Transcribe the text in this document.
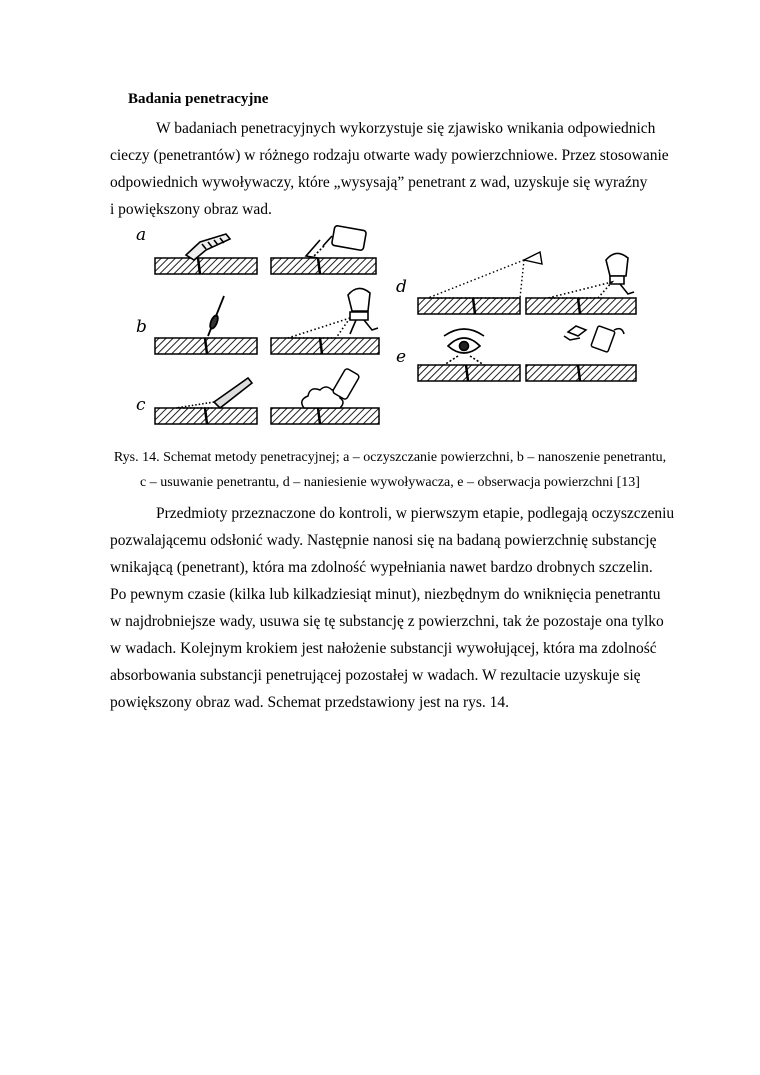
Badania penetracyjne

W badaniach penetracyjnych wykorzystuje się zjawisko wnikania odpowiednich
cieczy (penetrantów) w różnego rodzaju otwarte wady powierzchniowe. Przez stosowanie
odpowiednich wywoływaczy, które „wysysają” penetrant z wad, uzyskuje się wyraźny
i powiększony obraz wad.

a
b
c
d
e
Rys. 14. Schemat metody penetracyjnej; a – oczyszczanie powierzchni, b – nanoszenie penetrantu,
c – usuwanie penetrantu, d – naniesienie wywoływacza, e – obserwacja powierzchni [13]

Przedmioty przeznaczone do kontroli, w pierwszym etapie, podlegają oczyszczeniu
pozwalającemu odsłonić wady. Następnie nanosi się na badaną powierzchnię substancję
wnikającą (penetrant), która ma zdolność wypełniania nawet bardzo drobnych szczelin.
Po pewnym czasie (kilka lub kilkadziesiąt minut), niezbędnym do wniknięcia penetrantu
w najdrobniejsze wady, usuwa się tę substancję z powierzchni, tak że pozostaje ona tylko
w wadach. Kolejnym krokiem jest nałożenie substancji wywołującej, która ma zdolność
absorbowania substancji penetrującej pozostałej w wadach. W rezultacie uzyskuje się
powiększony obraz wad. Schemat przedstawiony jest na rys. 14.
